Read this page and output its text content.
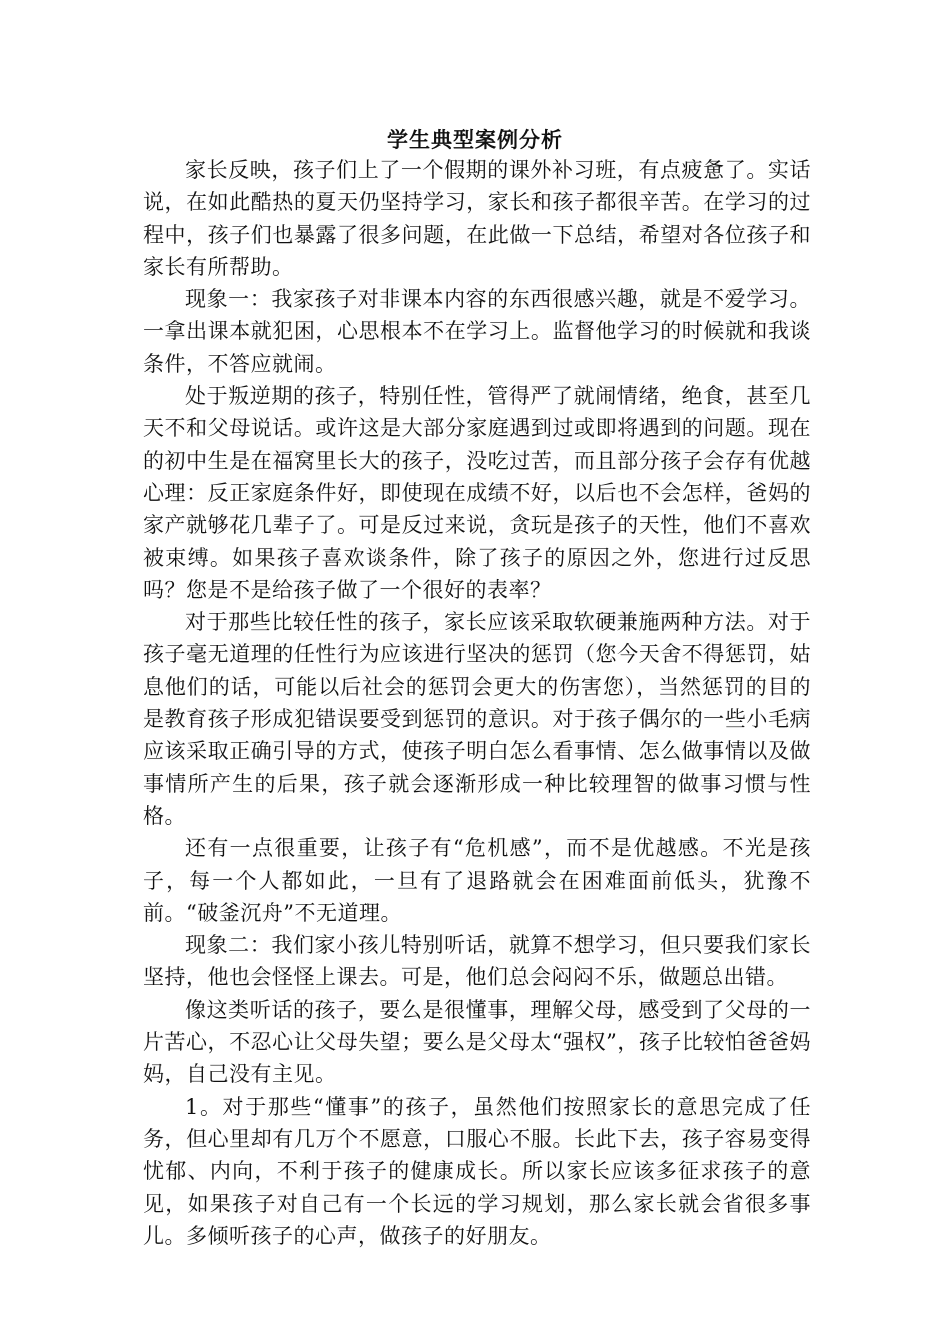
学生典型案例分析

家长反映，孩子们上了一个假期的课外补习班，有点疲惫了。实话说，在如此酷热的夏天仍坚持学习，家长和孩子都很辛苦。在学习的过程中，孩子们也暴露了很多问题，在此做一下总结，希望对各位孩子和家长有所帮助。

现象一：我家孩子对非课本内容的东西很感兴趣，就是不爱学习。一拿出课本就犯困，心思根本不在学习上。监督他学习的时候就和我谈条件，不答应就闹。

处于叛逆期的孩子，特别任性，管得严了就闹情绪，绝食，甚至几天不和父母说话。或许这是大部分家庭遇到过或即将遇到的问题。现在的初中生是在福窝里长大的孩子，没吃过苦，而且部分孩子会存有优越心理：反正家庭条件好，即使现在成绩不好，以后也不会怎样，爸妈的家产就够花几辈子了。可是反过来说，贪玩是孩子的天性，他们不喜欢被束缚。如果孩子喜欢谈条件，除了孩子的原因之外，您进行过反思吗？您是不是给孩子做了一个很好的表率？

对于那些比较任性的孩子，家长应该采取软硬兼施两种方法。对于孩子毫无道理的任性行为应该进行坚决的惩罚（您今天舍不得惩罚，姑息他们的话，可能以后社会的惩罚会更大的伤害您），当然惩罚的目的是教育孩子形成犯错误要受到惩罚的意识。对于孩子偶尔的一些小毛病应该采取正确引导的方式，使孩子明白怎么看事情、怎么做事情以及做事情所产生的后果，孩子就会逐渐形成一种比较理智的做事习惯与性格。

还有一点很重要，让孩子有“危机感”，而不是优越感。不光是孩子，每一个人都如此，一旦有了退路就会在困难面前低头，犹豫不前。“破釜沉舟”不无道理。

现象二：我们家小孩儿特别听话，就算不想学习，但只要我们家长坚持，他也会怪怪上课去。可是，他们总会闷闷不乐，做题总出错。

像这类听话的孩子，要么是很懂事，理解父母，感受到了父母的一片苦心，不忍心让父母失望；要么是父母太“强权”，孩子比较怕爸爸妈妈，自己没有主见。

1。对于那些“懂事”的孩子，虽然他们按照家长的意思完成了任务，但心里却有几万个不愿意，口服心不服。长此下去，孩子容易变得忧郁、内向，不利于孩子的健康成长。所以家长应该多征求孩子的意见，如果孩子对自己有一个长远的学习规划，那么家长就会省很多事儿。多倾听孩子的心声，做孩子的好朋友。
